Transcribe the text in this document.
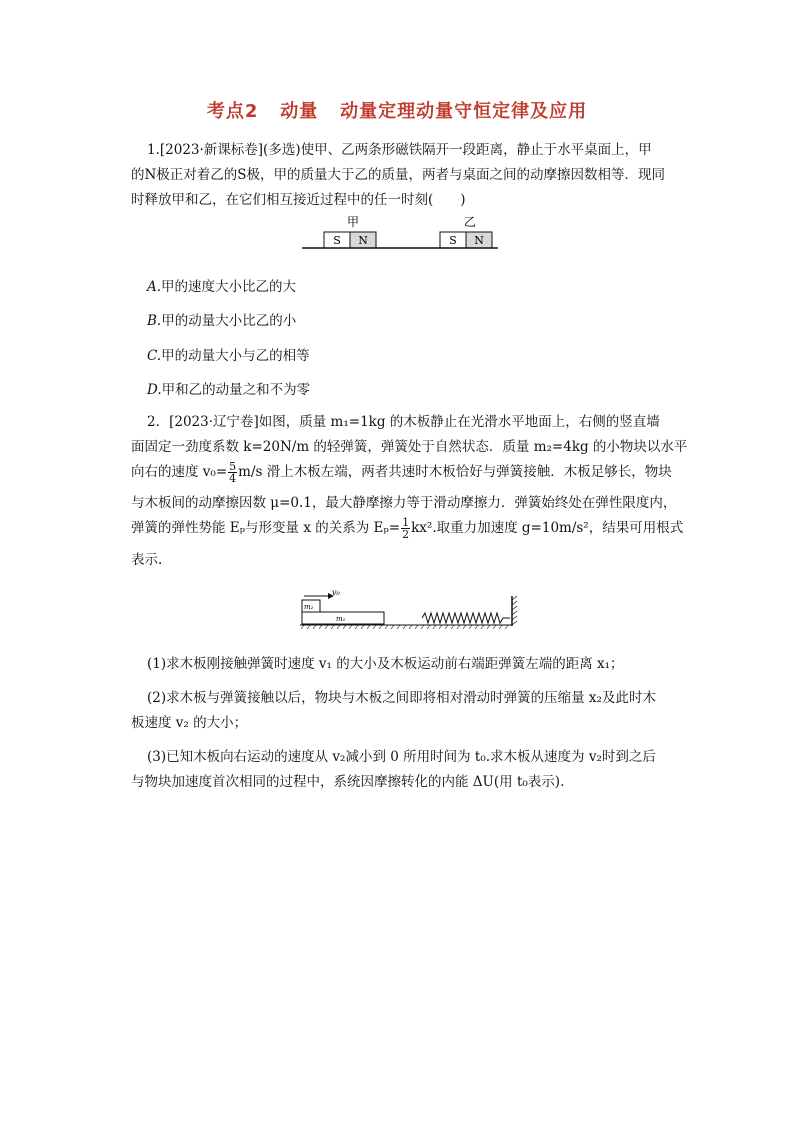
考点2 动量 动量定理动量守恒定律及应用
1.[2023·新课标卷](多选)使甲、乙两条形磁铁隔开一段距离，静止于水平桌面上，甲
的N极正对着乙的S极，甲的质量大于乙的质量，两者与桌面之间的动摩擦因数相等．现同
时释放甲和乙，在它们相互接近过程中的任一时刻(　　)
甲	乙
S N	S N
A.甲的速度大小比乙的大
B.甲的动量大小比乙的小
C.甲的动量大小与乙的相等
D.甲和乙的动量之和不为零
2．[2023·辽宁卷]如图，质量 m₁=1kg 的木板静止在光滑水平地面上，右侧的竖直墙
面固定一劲度系数 k=20N/m 的轻弹簧，弹簧处于自然状态．质量 m₂=4kg 的小物块以水平
向右的速度 $v_0= \frac{5}{4} m/s$ 滑上木板左端，两者共速时木板恰好与弹簧接触．木板足够长，物块
与木板间的动摩擦因数 μ=0.1，最大静摩擦力等于滑动摩擦力．弹簧始终处在弹性限度内，
弹簧的弹性势能 Eₚ与形变量 x 的关系为 $E_p= \frac{1}{2} kx^2$.取重力加速度 g=10m/s²，结果可用根式
表示.
v₀
m₂
m₁
(1)求木板刚接触弹簧时速度 v₁ 的大小及木板运动前右端距弹簧左端的距离 x₁；
(2)求木板与弹簧接触以后，物块与木板之间即将相对滑动时弹簧的压缩量 x₂及此时木
板速度 v₂ 的大小；
(3)已知木板向右运动的速度从 v₂减小到 0 所用时间为 t₀.求木板从速度为 v₂时到之后
与物块加速度首次相同的过程中，系统因摩擦转化的内能 ΔU(用 t₀表示).
